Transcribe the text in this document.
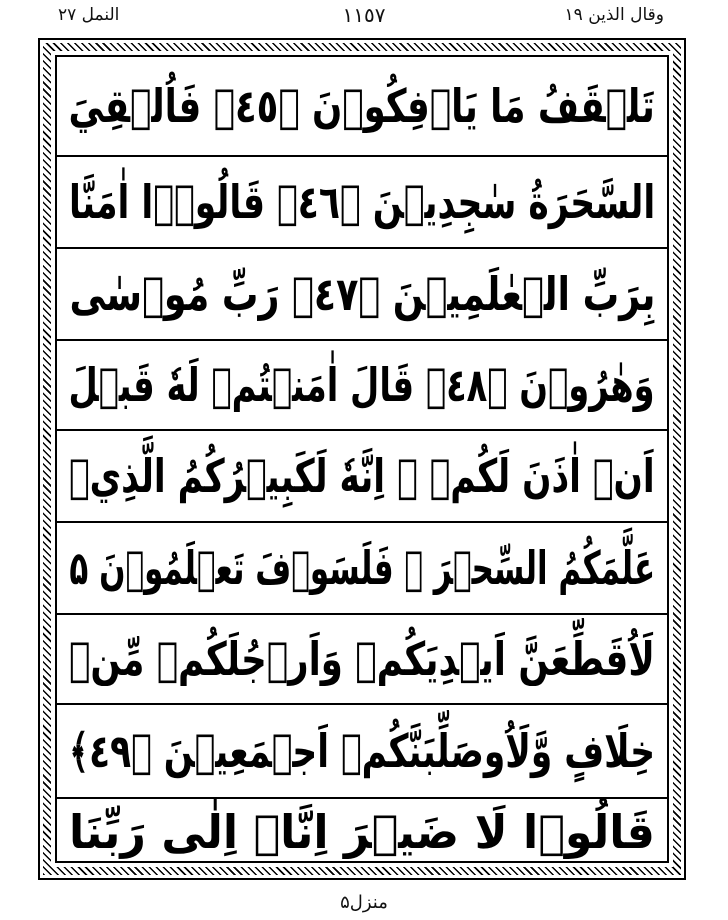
النمل ۲۷	١١٥٧	وقال الذين ١٩
تَلۡقَفُ مَا يَاۡفِكُوۡنَ ﴿٤٥﴾ فَاُلۡقِيَ
السَّحَرَةُ سٰجِدِيۡنَ ﴿٤٦﴾ قَالُوۡۤا اٰمَنَّا
بِرَبِّ الۡعٰلَمِيۡنَ ﴿٤٧﴾ رَبِّ مُوۡسٰى
وَهٰرُوۡنَ ﴿٤٨﴾ قَالَ اٰمَنۡتُمۡ لَهٗ قَبۡلَ
اَنۡ اٰذَنَ لَكُمۡ ۚ اِنَّهٗ لَكَبِيۡرُكُمُ الَّذِيۡ
عَلَّمَكُمُ السِّحۡرَ ۚ فَلَسَوۡفَ تَعۡلَمُوۡنَ ۵
لَاُقَطِّعَنَّ اَيۡدِيَكُمۡ وَاَرۡجُلَكُمۡ مِّنۡ
خِلَافٍ وَّلَاُوصَلِّبَنَّكُمۡ اَجۡمَعِيۡنَ ﴿٤٩﴾
قَالُوۡا لَا ضَيۡرَ اِنَّاۤ اِلٰى رَبِّنَا
منزل۵
